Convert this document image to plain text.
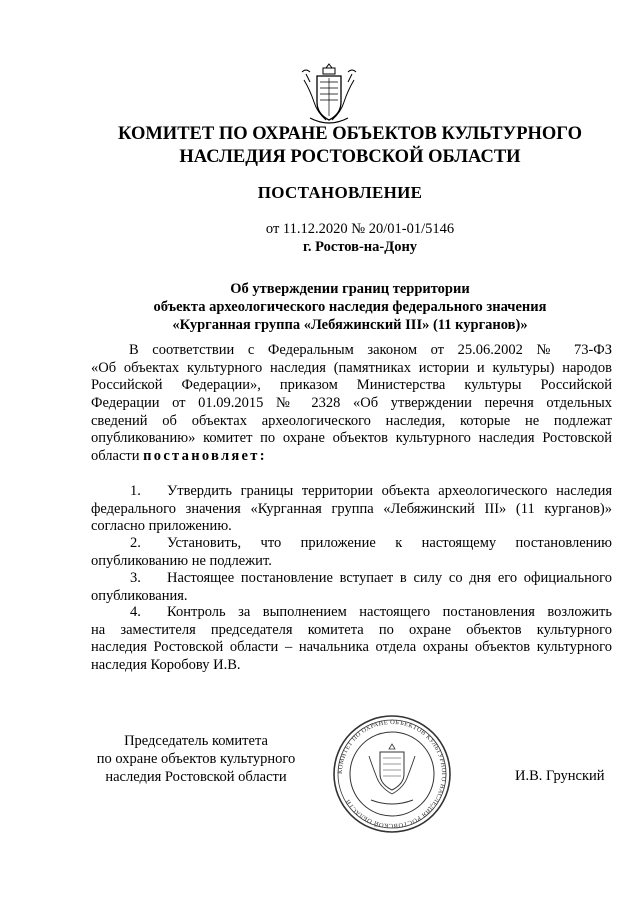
КОМИТЕТ ПО ОХРАНЕ ОБЪЕКТОВ КУЛЬТУРНОГО
НАСЛЕДИЯ РОСТОВСКОЙ ОБЛАСТИ
ПОСТАНОВЛЕНИЕ
от 11.12.2020 № 20/01-01/5146
г. Ростов-на-Дону
Об утверждении границ территории
объекта археологического наследия федерального значения
«Курганная группа «Лебяжинский III» (11 курганов)»
В соответствии с Федеральным законом от 25.06.2002 № 73-ФЗ
«Об объектах культурного наследия (памятниках истории и культуры) народов
Российской Федерации», приказом Министерства культуры Российской
Федерации от 01.09.2015 № 2328 «Об утверждении перечня отдельных
сведений об объектах археологического наследия, которые не подлежат
опубликованию» комитет по охране объектов культурного наследия Ростовской
области постановляет:
Утвердить границы территории объекта археологического наследия
федерального значения «Курганная группа «Лебяжинский III» (11 курганов)»
согласно приложению.
1.
Установить, что приложение к настоящему постановлению
опубликованию не подлежит.
2.
Настоящее постановление вступает в силу со дня его официального
опубликования.
3.
Контроль за выполнением настоящего постановления возложить
на заместителя председателя комитета по охране объектов культурного
наследия Ростовской области – начальника отдела охраны объектов культурного
наследия Коробову И.В.
4.
Председатель комитета
по охране объектов культурного
наследия Ростовской области	КОМИТЕТ ПО ОХРАНЕ ОБЪЕКТОВ КУЛЬТУРНОГО НАСЛЕДИЯ РОСТОВСКОЙ ОБЛАСТИ
И.В. Грунский
